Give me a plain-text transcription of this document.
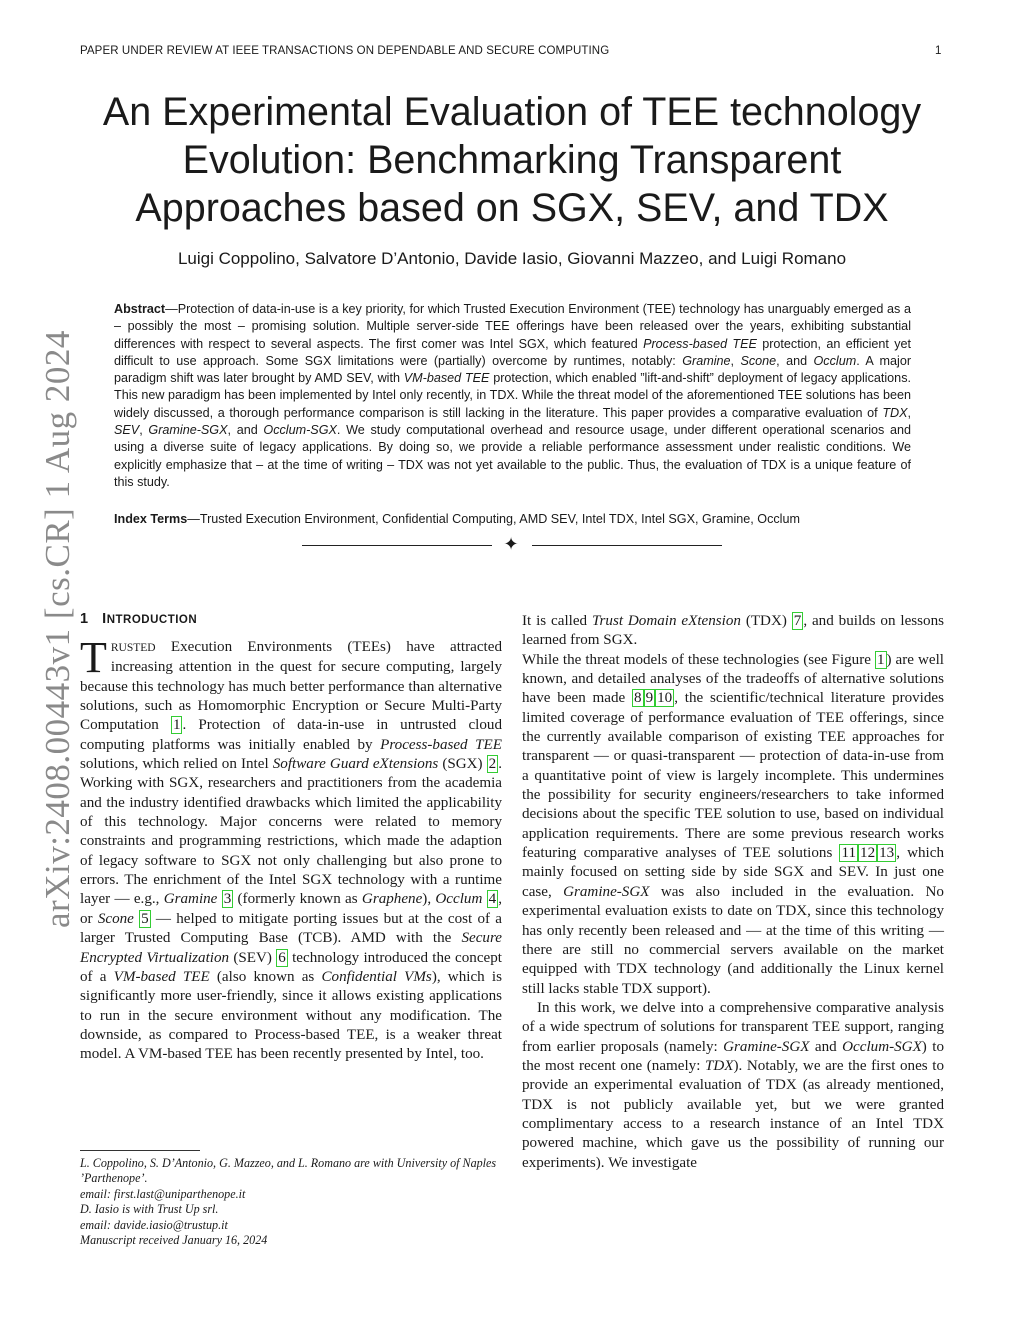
PAPER UNDER REVIEW AT IEEE TRANSACTIONS ON DEPENDABLE AND SECURE COMPUTING	1
An Experimental Evaluation of TEE technology
Evolution: Benchmarking Transparent
Approaches based on SGX, SEV, and TDX
Luigi Coppolino, Salvatore D’Antonio, Davide Iasio, Giovanni Mazzeo, and Luigi Romano
Abstract—Protection of data-in-use is a key priority, for which Trusted Execution Environment (TEE) technology has unarguably emerged as a – possibly the most – promising solution. Multiple server-side TEE offerings have been released over the years, exhibiting substantial differences with respect to several aspects. The first comer was Intel SGX, which featured Process-based TEE protection, an efficient yet difficult to use approach. Some SGX limitations were (partially) overcome by runtimes, notably: Gramine, Scone, and Occlum. A major paradigm shift was later brought by AMD SEV, with VM-based TEE protection, which enabled ”lift-and-shift” deployment of legacy applications. This new paradigm has been implemented by Intel only recently, in TDX. While the threat model of the aforementioned TEE solutions has been widely discussed, a thorough performance comparison is still lacking in the literature. This paper provides a comparative evaluation of TDX, SEV, Gramine-SGX, and Occlum-SGX. We study computational overhead and resource usage, under different operational scenarios and using a diverse suite of legacy applications. By doing so, we provide a reliable performance assessment under realistic conditions. We explicitly emphasize that – at the time of writing – TDX was not yet available to the public. Thus, the evaluation of TDX is a unique feature of this study.
Index Terms—Trusted Execution Environment, Confidential Computing, AMD SEV, Intel TDX, Intel SGX, Gramine, Occlum
✦
arXiv:2408.00443v1 [cs.CR] 1 Aug 2024 1 INTRODUCTION

TRUSTED Execution Environments (TEEs) have attracted increasing attention in the quest for secure computing, largely because this technology has much better performance than alternative solutions, such as Homomorphic Encryption or Secure Multi-Party Computation 1 . Protection of data-in-use in untrusted cloud computing platforms was initially enabled by Process-based TEE solutions, which relied on Intel Software Guard eXtensions (SGX) 2 . Working with SGX, researchers and practitioners from the academia and the industry identified drawbacks which limited the applicability of this technology. Major concerns were related to memory constraints and programming restrictions, which made the adaption of legacy software to SGX not only challenging but also prone to errors. The enrichment of the Intel SGX technology with a runtime layer — e.g., Gramine 3 (formerly known as Graphene), Occlum 4 , or Scone 5 — helped to mitigate porting issues but at the cost of a larger Trusted Computing Base (TCB). AMD with the Secure Encrypted Virtualization (SEV) 6 technology introduced the concept of a VM-based TEE (also known as Confidential VMs), which is significantly more user-friendly, since it allows existing applications to run in the secure environment without any modification. The downside, as compared to Process-based TEE, is a weaker threat model. A VM-based TEE has been recently presented by Intel, too.

It is called Trust Domain eXtension (TDX) 7 , and builds on lessons learned from SGX.

While the threat models of these technologies (see Figure 1 ) are well known, and detailed analyses of the tradeoffs of alternative solutions have been made 8 9 10 , the scientific/technical literature provides limited coverage of performance evaluation of TEE offerings, since the currently available comparison of existing TEE approaches for transparent — or quasi-transparent — protection of data-in-use from a quantitative point of view is largely incomplete. This undermines the possibility for security engineers/researchers to take informed decisions about the specific TEE solution to use, based on individual application requirements. There are some previous research works featuring comparative analyses of TEE solutions 11 12 13 , which mainly focused on setting side by side SGX and SEV. In just one case, Gramine-SGX was also included in the evaluation. No experimental evaluation exists to date on TDX, since this technology has only recently been released and — at the time of this writing — there are still no commercial servers available on the market equipped with TDX technology (and additionally the Linux kernel still lacks stable TDX support).

In this work, we delve into a comprehensive comparative analysis of a wide spectrum of solutions for transparent TEE support, ranging from earlier proposals (namely: Gramine-SGX and Occlum-SGX) to the most recent one (namely: TDX). Notably, we are the first ones to provide an experimental evaluation of TDX (as already mentioned, TDX is not publicly available yet, but we were granted complimentary access to a research instance of an Intel TDX powered machine, which gave us the possibility of running our experiments). We investigate

L. Coppolino, S. D’Antonio, G. Mazzeo, and L. Romano are with University of Naples ’Parthenope’.
email: first.last@uniparthenope.it
D. Iasio is with Trust Up srl.
email: davide.iasio@trustup.it
Manuscript received January 16, 2024
